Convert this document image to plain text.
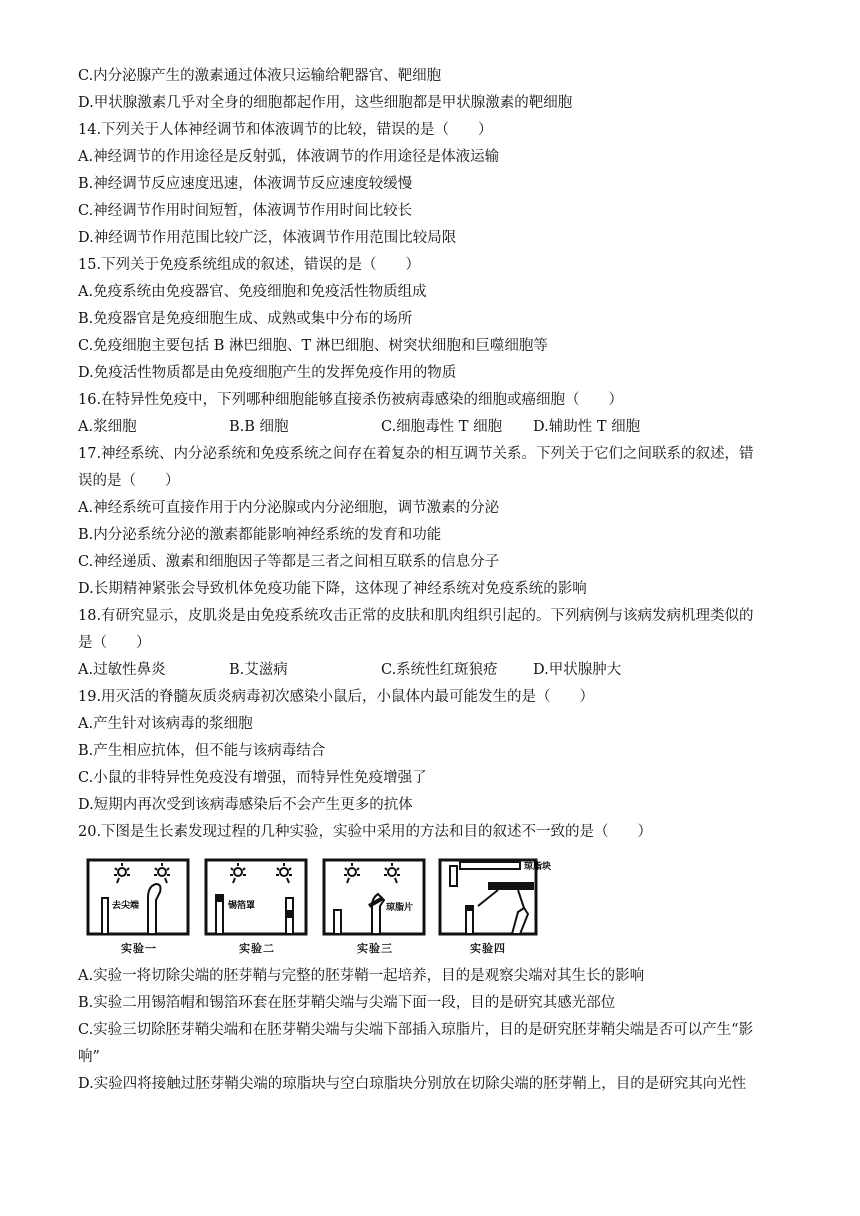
C.内分泌腺产生的激素通过体液只运输给靶器官、靶细胞
D.甲状腺激素几乎对全身的细胞都起作用，这些细胞都是甲状腺激素的靶细胞
14.下列关于人体神经调节和体液调节的比较，错误的是（　　）
A.神经调节的作用途径是反射弧，体液调节的作用途径是体液运输
B.神经调节反应速度迅速，体液调节反应速度较缓慢
C.神经调节作用时间短暂，体液调节作用时间比较长
D.神经调节作用范围比较广泛，体液调节作用范围比较局限
15.下列关于免疫系统组成的叙述，错误的是（　　）
A.免疫系统由免疫器官、免疫细胞和免疫活性物质组成
B.免疫器官是免疫细胞生成、成熟或集中分布的场所
C.免疫细胞主要包括 B 淋巴细胞、T 淋巴细胞、树突状细胞和巨噬细胞等
D.免疫活性物质都是由免疫细胞产生的发挥免疫作用的物质
16.在特异性免疫中，下列哪种细胞能够直接杀伤被病毒感染的细胞或癌细胞（　　）
A.浆细胞	B.B 细胞	C.细胞毒性 T 细胞 D.辅助性 T 细胞
17.神经系统、内分泌系统和免疫系统之间存在着复杂的相互调节关系。下列关于它们之间联系的叙述，错
误的是（　　）
A.神经系统可直接作用于内分泌腺或内分泌细胞，调节激素的分泌
B.内分泌系统分泌的激素都能影响神经系统的发育和功能
C.神经递质、激素和细胞因子等都是三者之间相互联系的信息分子
D.长期精神紧张会导致机体免疫功能下降，这体现了神经系统对免疫系统的影响
18.有研究显示，皮肌炎是由免疫系统攻击正常的皮肤和肌肉组织引起的。下列病例与该病发病机理类似的
是（　　）
A.过敏性鼻炎	B.艾滋病	C.系统性红斑狼疮 D.甲状腺肿大
19.用灭活的脊髓灰质炎病毒初次感染小鼠后，小鼠体内最可能发生的是（　　）
A.产生针对该病毒的浆细胞
B.产生相应抗体，但不能与该病毒结合
C.小鼠的非特异性免疫没有增强，而特异性免疫增强了
D.短期内再次受到该病毒感染后不会产生更多的抗体
20.下图是生长素发现过程的几种实验，实验中采用的方法和目的叙述不一致的是（　　）
去尖端
实验一
锡箔罩
实验二
琼脂片
实验三
琼脂块
实验四
A.实验一将切除尖端的胚芽鞘与完整的胚芽鞘一起培养，目的是观察尖端对其生长的影响
B.实验二用锡箔帽和锡箔环套在胚芽鞘尖端与尖端下面一段，目的是研究其感光部位
C.实验三切除胚芽鞘尖端和在胚芽鞘尖端与尖端下部插入琼脂片，目的是研究胚芽鞘尖端是否可以产生“影
响”
D.实验四将接触过胚芽鞘尖端的琼脂块与空白琼脂块分别放在切除尖端的胚芽鞘上，目的是研究其向光性
